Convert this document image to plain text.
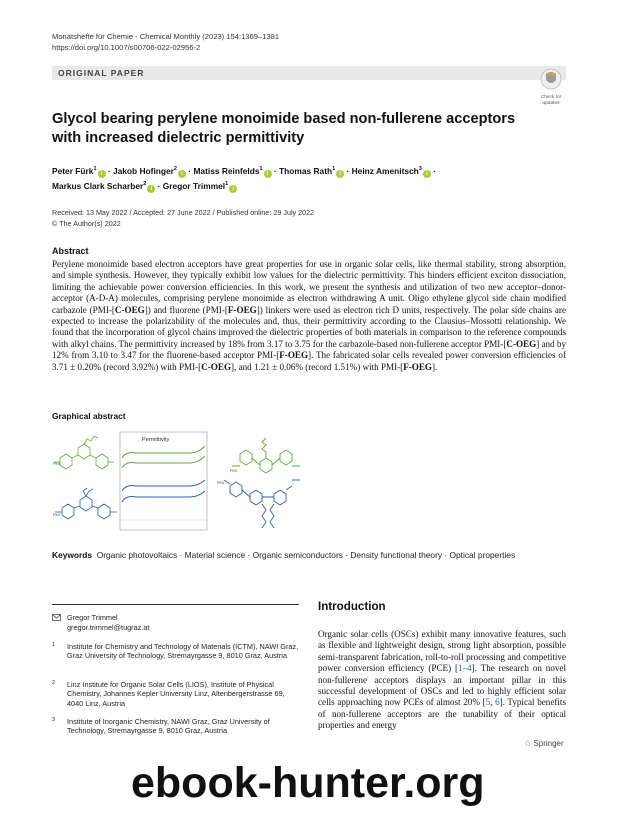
Monatshefte für Chemie - Chemical Monthly (2023) 154:1369–1381
https://doi.org/10.1007/s00706-022-02956-2
ORIGINAL PAPER
Check for
updates
Glycol bearing perylene monoimide based non-fullerene acceptors
with increased dielectric permittivity
Peter Fürk$^1$i · Jakob Hofinger$^2$i · Matiss Reinfelds$^1$i · Thomas Rath$^1$i · Heinz Amenitsch$^3$i ·
Markus Clark Scharber$^2$i · Gregor Trimmel$^1$i
Received: 13 May 2022 / Accepted: 27 June 2022 / Published online: 29 July 2022
© The Author(s) 2022
Abstract
Perylene monoimide based electron acceptors have great properties for use in organic solar cells, like thermal stability, strong absorption, and simple synthesis. However, they typically exhibit low values for the dielectric permittivity. This hinders efficient exciton dissociation, limiting the achievable power conversion efficiencies. In this work, we present the synthesis and utilization of two new acceptor–donor-acceptor (A-D-A) molecules, comprising perylene monoimide as electron withdrawing A unit. Oligo ethylene glycol side chain modified carbazole (PMI-[C-OEG]) and fluorene (PMI-[F-OEG]) linkers were used as electron rich D units, respectively. The polar side chains are expected to increase the polarizability of the molecules and, thus, their permittivity according to the Clausius–Mossotti relationship. We found that the incorporation of glycol chains improved the dielectric properties of both materials in comparison to the reference compounds with alkyl chains. The permittivity increased by 18% from 3.17 to 3.75 for the carbazole-based non-fullerene acceptor PMI-[C-OEG] and by 12% from 3.10 to 3.47 for the fluorene-based acceptor PMI-[F-OEG]. The fabricated solar cells revealed power conversion efficiencies of 3.71 ± 0.20% (record 3.92%) with PMI-[C-OEG], and 1.21 ± 0.06% (record 1.51%) with PMI-[F-OEG].
Graphical abstract
PMI
PMI
Permittivity
PMI
PMI
Keywords Organic photovoltaics · Material science · Organic semiconductors · Density functional theory · Optical properties
Gregor Trimmel
gregor.trimmel@tugraz.at
1 Institute for Chemistry and Technology of Materials (ICTM), NAWI Graz, Graz University of Technology, Stremayrgasse 9, 8010 Graz, Austria
2 Linz Institute for Organic Solar Cells (LIOS), Institute of Physical Chemistry, Johannes Kepler University Linz, Altenbergerstrasse 69, 4040 Linz, Austria
3 Institute of Inorganic Chemistry, NAWI Graz, Graz University of Technology, Stremayrgasse 9, 8010 Graz, Austria
Introduction
Organic solar cells (OSCs) exhibit many innovative features, such as flexible and lightweight design, strong light absorption, possible semi-transparent fabrication, roll-to-roll processing and competitive power conversion efficiency (PCE) [1–4]. The research on novel non-fullerene acceptors displays an important pillar in this successful development of OSCs and led to highly efficient solar cells approaching now PCEs of almost 20% [5, 6]. Typical benefits of non-fullerene acceptors are the tunability of their optical properties and energy
♘ Springer
ebook-hunter.org
